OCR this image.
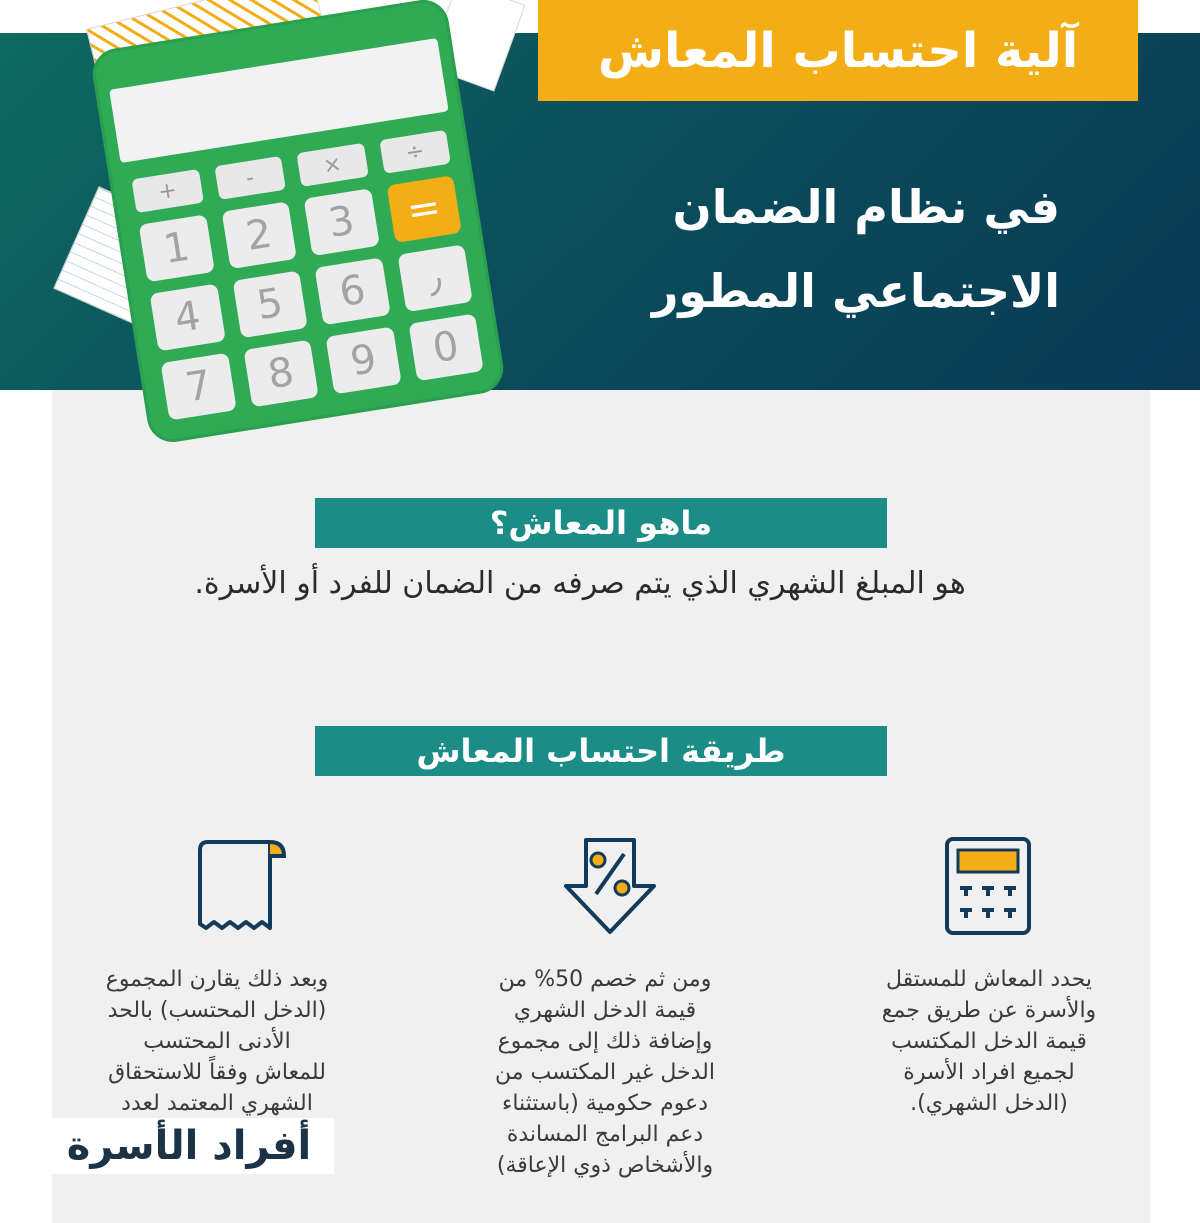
+	-	×	÷
1	2	3	=
4	5	6	٫
7	8	9	0
آلية احتساب المعاش
في نظام الضمان
الاجتماعي المطور
ماهو المعاش؟
هو المبلغ الشهري الذي يتم صرفه من الضمان للفرد أو الأسرة.
طريقة احتساب المعاش
يحدد المعاش للمستقل
والأسرة عن طريق جمع
قيمة الدخل المكتسب
لجميع افراد الأسرة
(الدخل الشهري).
ومن ثم خصم 50% من
قيمة الدخل الشهري
وإضافة ذلك إلى مجموع
الدخل غير المكتسب من
دعوم حكومية (باستثناء
دعم البرامج المساندة
والأشخاص ذوي الإعاقة)
وبعد ذلك يقارن المجموع
(الدخل المحتسب) بالحد
الأدنى المحتسب
للمعاش وفقاً للاستحقاق
الشهري المعتمد لعدد
أفراد الأسرة
